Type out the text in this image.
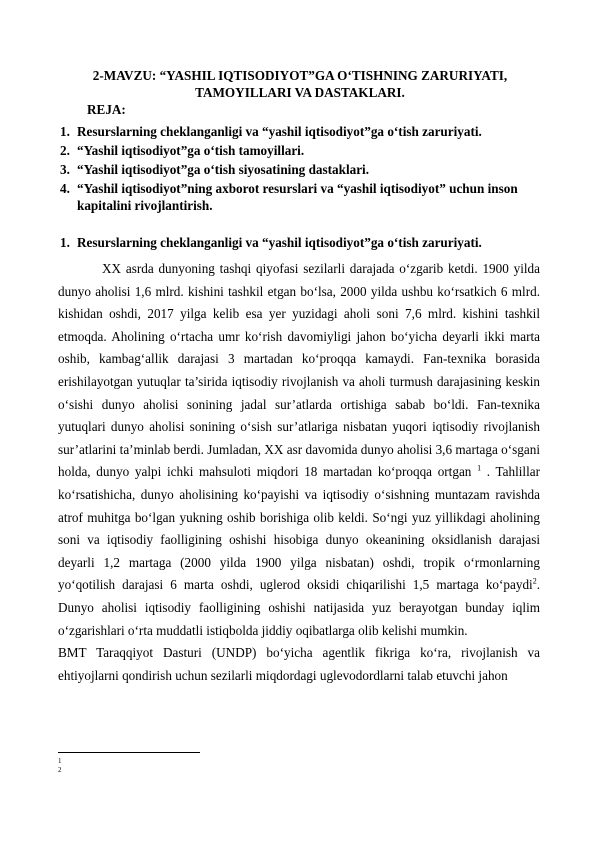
2-MAVZU: “YASHIL IQTISODIYOT”GA O‘TISHNING ZARURIYATI, TAMOYILLARI VA DASTAKLARI.
REJA:
1. Resurslarning cheklanganligi va “yashil iqtisodiyot”ga o‘tish zaruriyati.
2. “Yashil iqtisodiyot”ga o‘tish tamoyillari.
3. “Yashil iqtisodiyot”ga o‘tish siyosatining dastaklari.
4. “Yashil iqtisodiyot”ning axborot resurslari va “yashil iqtisodiyot” uchun inson kapitalini rivojlantirish.
1. Resurslarning cheklanganligi va “yashil iqtisodiyot”ga o‘tish zaruriyati.

XX asrda dunyoning tashqi qiyofasi sezilarli darajada o‘zgarib ketdi. 1900 yilda dunyo aholisi 1,6 mlrd. kishini tashkil etgan bo‘lsa, 2000 yilda ushbu ko‘rsatkich 6 mlrd. kishidan oshdi, 2017 yilga kelib esa yer yuzidagi aholi soni 7,6 mlrd. kishini tashkil etmoqda. Aholining o‘rtacha umr ko‘rish davomiyligi jahon bo‘yicha deyarli ikki marta oshib, kambag‘allik darajasi 3 martadan ko‘proqqa kamaydi. Fan-texnika borasida erishilayotgan yutuqlar ta’sirida iqtisodiy rivojlanish va aholi turmush darajasining keskin o‘sishi dunyo aholisi sonining jadal sur’atlarda ortishiga sabab bo‘ldi. Fan-texnika yutuqlari dunyo aholisi sonining o‘sish sur’atlariga nisbatan yuqori iqtisodiy rivojlanish sur’atlarini ta’minlab berdi. Jumladan, XX asr davomida dunyo aholisi 3,6 martaga o‘sgani holda, dunyo yalpi ichki mahsuloti miqdori 18 martadan ko‘proqqa ortgan $^1$ . Tahlillar ko‘rsatishicha, dunyo aholisining ko‘payishi va iqtisodiy o‘sishning muntazam ravishda atrof muhitga bo‘lgan yukning oshib borishiga olib keldi. So‘ngi yuz yillikdagi aholining soni va iqtisodiy faolligining oshishi hisobiga dunyo okeanining oksidlanish darajasi deyarli 1,2 martaga (2000 yilda 1900 yilga nisbatan) oshdi, tropik o‘rmonlarning yo‘qotilish darajasi 6 marta oshdi, uglerod oksidi chiqarilishi 1,5 martaga ko‘paydi$^2$. Dunyo aholisi iqtisodiy faolligining oshishi natijasida yuz berayotgan bunday iqlim o‘zgarishlari o‘rta muddatli istiqbolda jiddiy oqibatlarga olib kelishi mumkin.

BMT Taraqqiyot Dasturi (UNDP) bo‘yicha agentlik fikriga ko‘ra, rivojlanish va ehtiyojlarni qondirish uchun sezilarli miqdordagi uglevodordlarni talab etuvchi jahon

1
2
